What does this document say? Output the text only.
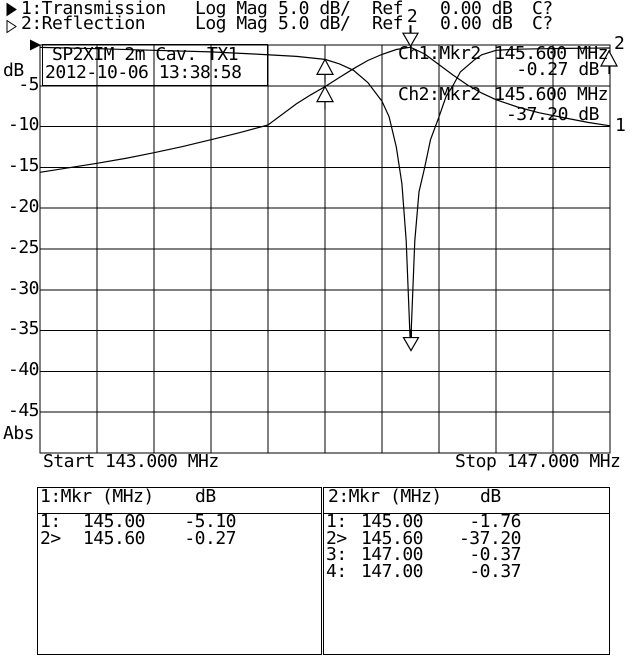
1:Transmission Log Mag 5.0 dB/ Ref 0.00 dB C?
2:Reflection	Log Mag 5.0 dB/ Ref 0.00 dB C?
dB
-5
-10
-15
-20
-25
-30
-35
-40
-45
Abs
Start 143.000 MHz	Stop 147.000 MHz
SP2XIM 2m Cav. TX1
2012-10-06 13:38:58
Ch1:Mkr2 145.600 MHz
-0.27 dB
Ch2:Mkr2 145.600 MHz
-37.20 dB
2
2
1
1:Mkr (MHz) dB
1:	145.00	-5.10
2>	145.60	-0.27
2:Mkr (MHz) dB
1: 145.00	-1.76
2> 145.60	-37.20
3: 147.00	-0.37
4: 147.00	-0.37
